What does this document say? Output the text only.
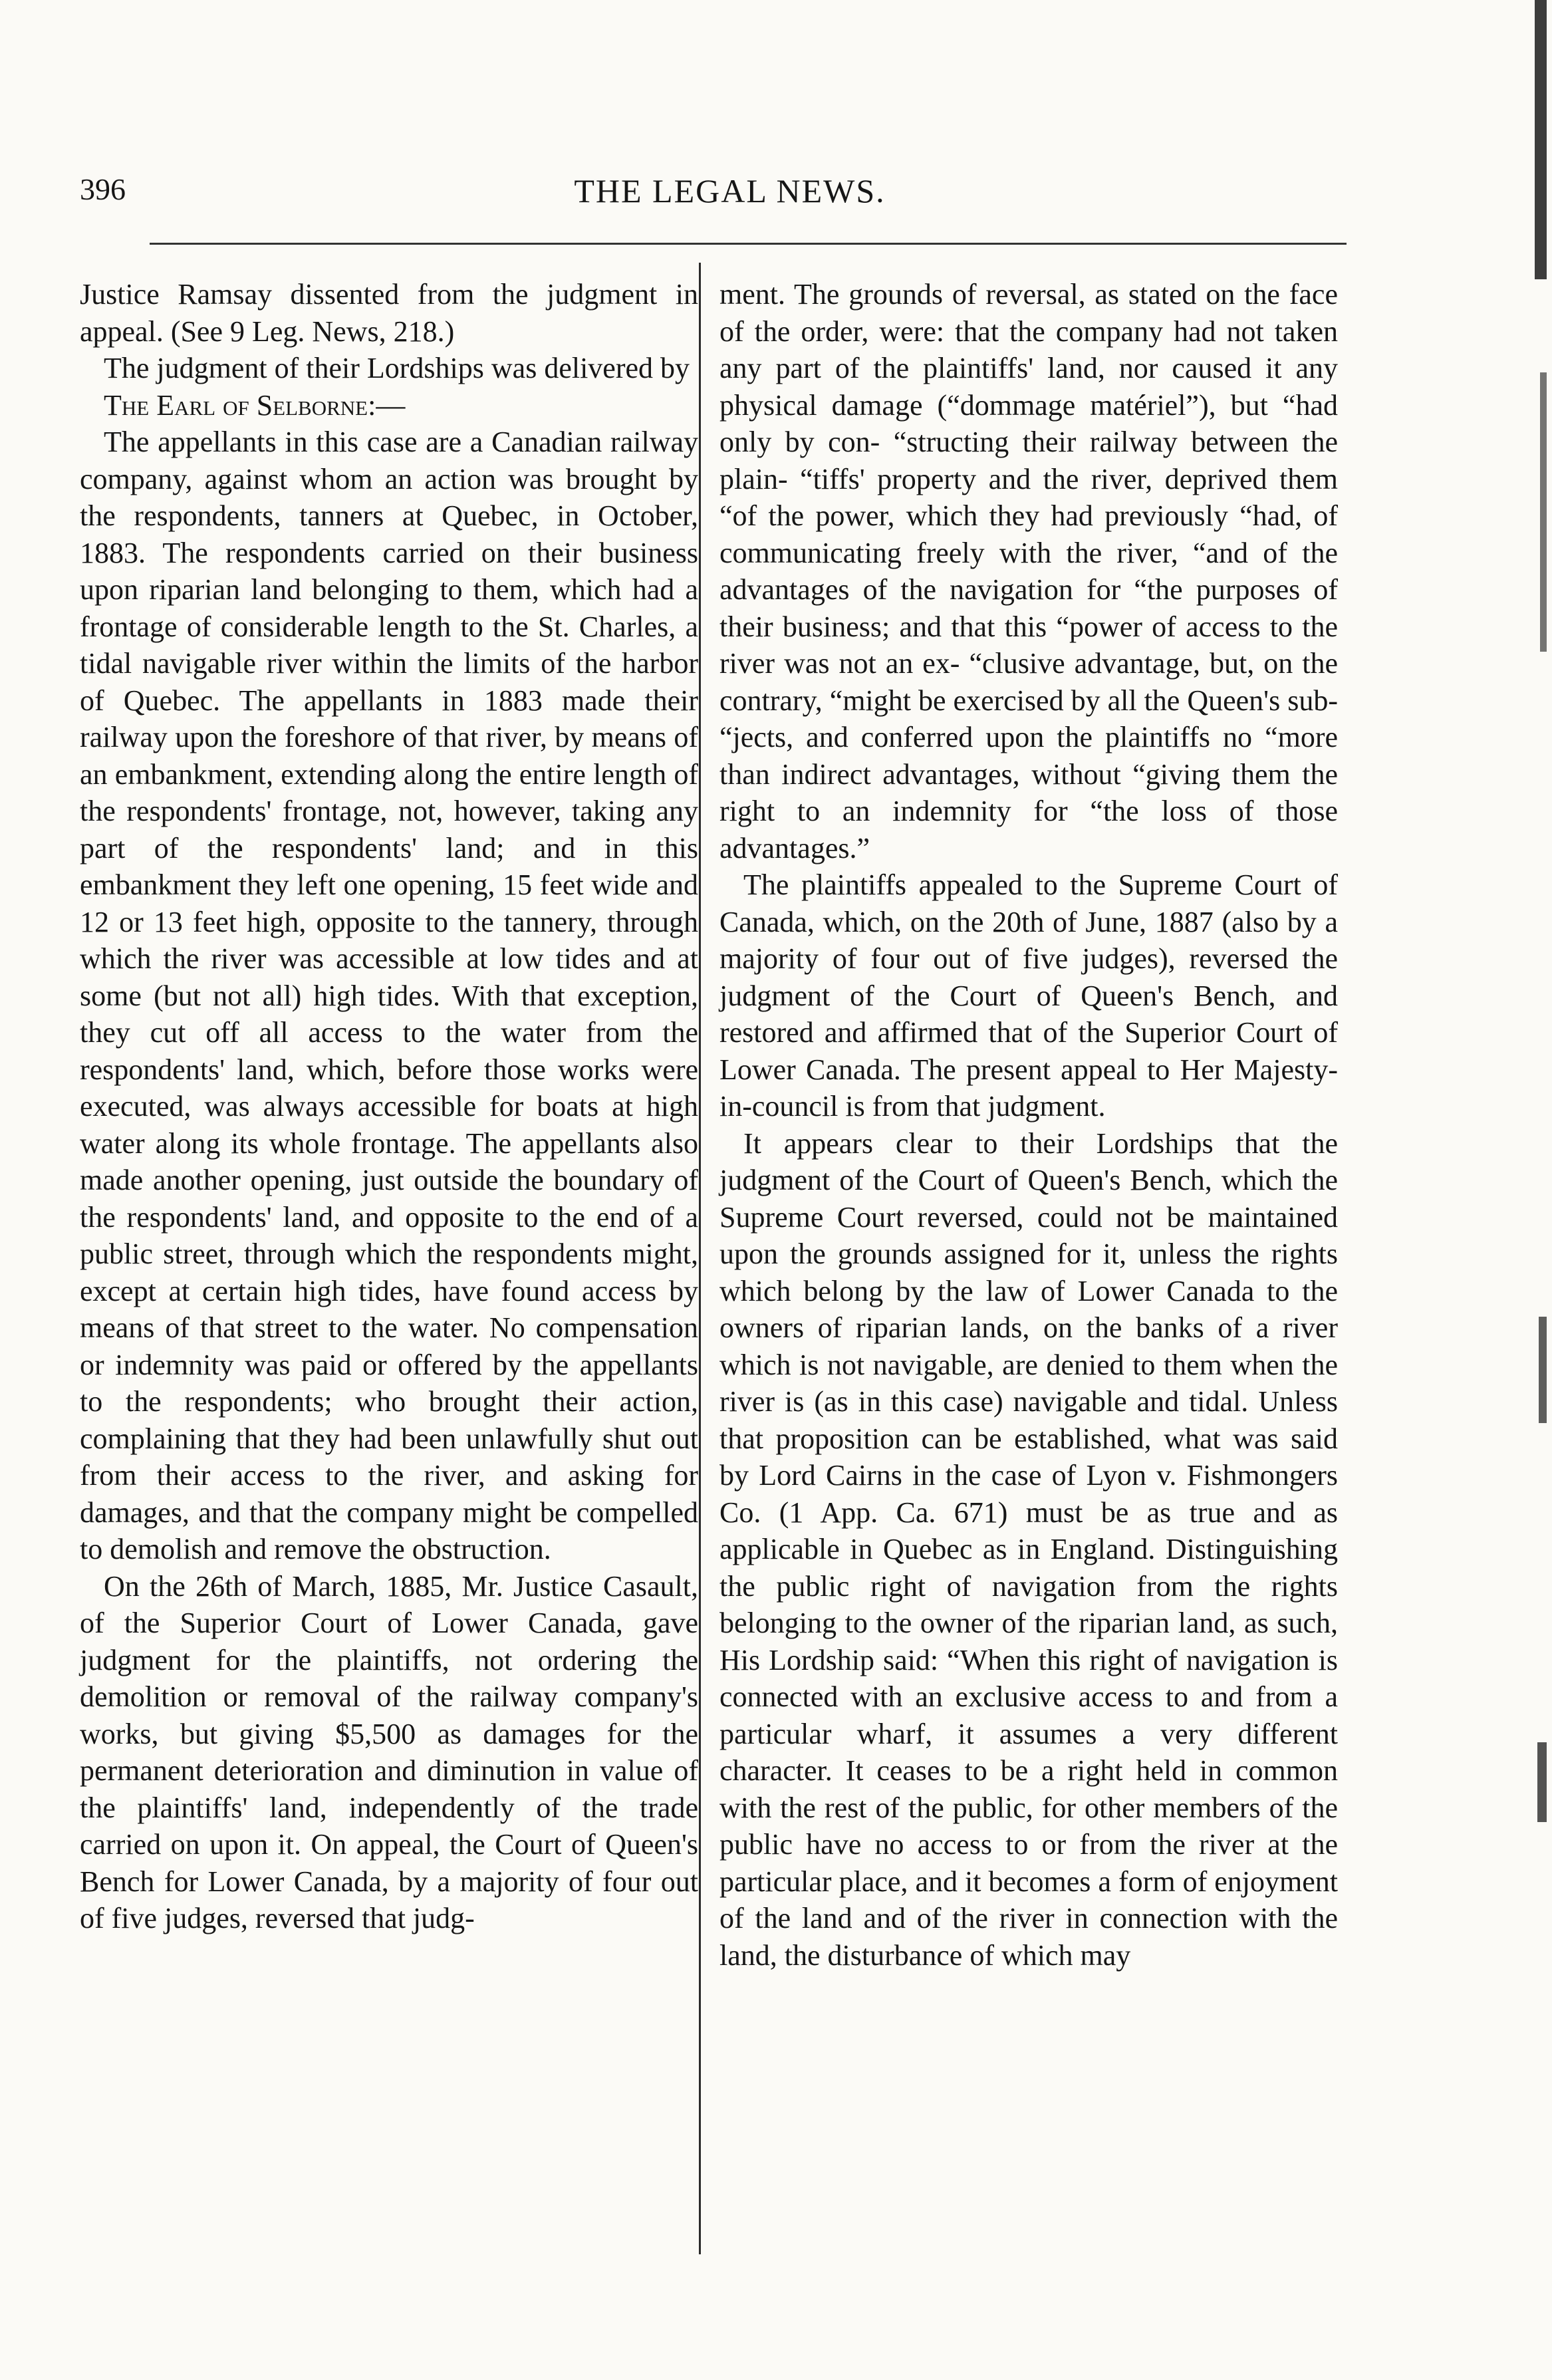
396	THE LEGAL NEWS.

Justice Ramsay dissented from the judgment in appeal. (See 9 Leg. News, 218.)

The judgment of their Lordships was delivered by

The Earl of Selborne:—

The appellants in this case are a Canadian railway company, against whom an action was brought by the respondents, tanners at Quebec, in October, 1883. The respondents carried on their business upon riparian land belonging to them, which had a frontage of considerable length to the St. Charles, a tidal navigable river within the limits of the harbor of Quebec. The appellants in 1883 made their railway upon the foreshore of that river, by means of an embankment, extending along the entire length of the respondents' frontage, not, however, taking any part of the respondents' land; and in this embankment they left one opening, 15 feet wide and 12 or 13 feet high, opposite to the tannery, through which the river was accessible at low tides and at some (but not all) high tides. With that exception, they cut off all access to the water from the respondents' land, which, before those works were executed, was always accessible for boats at high water along its whole frontage. The appellants also made another opening, just outside the boundary of the respondents' land, and opposite to the end of a public street, through which the respondents might, except at certain high tides, have found access by means of that street to the water. No compensation or indemnity was paid or offered by the appellants to the respondents; who brought their action, complaining that they had been unlawfully shut out from their access to the river, and asking for damages, and that the company might be compelled to demolish and remove the obstruction.

On the 26th of March, 1885, Mr. Justice Casault, of the Superior Court of Lower Canada, gave judgment for the plaintiffs, not ordering the demolition or removal of the railway company's works, but giving $5,500 as damages for the permanent deterioration and diminution in value of the plaintiffs' land, independently of the trade carried on upon it. On appeal, the Court of Queen's Bench for Lower Canada, by a majority of four out of five judges, reversed that judg-

ment. The grounds of reversal, as stated on the face of the order, were: that the company had not taken any part of the plaintiffs' land, nor caused it any physical damage (“dommage matériel”), but “had only by con- “structing their railway between the plain- “tiffs' property and the river, deprived them “of the power, which they had previously “had, of communicating freely with the river, “and of the advantages of the navigation for “the purposes of their business; and that this “power of access to the river was not an ex- “clusive advantage, but, on the contrary, “might be exercised by all the Queen's sub- “jects, and conferred upon the plaintiffs no “more than indirect advantages, without “giving them the right to an indemnity for “the loss of those advantages.”

The plaintiffs appealed to the Supreme Court of Canada, which, on the 20th of June, 1887 (also by a majority of four out of five judges), reversed the judgment of the Court of Queen's Bench, and restored and affirmed that of the Superior Court of Lower Canada. The present appeal to Her Majesty-in-council is from that judgment.

It appears clear to their Lordships that the judgment of the Court of Queen's Bench, which the Supreme Court reversed, could not be maintained upon the grounds assigned for it, unless the rights which belong by the law of Lower Canada to the owners of riparian lands, on the banks of a river which is not navigable, are denied to them when the river is (as in this case) navigable and tidal. Unless that proposition can be established, what was said by Lord Cairns in the case of Lyon v. Fishmongers Co. (1 App. Ca. 671) must be as true and as applicable in Quebec as in England. Distinguishing the public right of navigation from the rights belonging to the owner of the riparian land, as such, His Lordship said: “When this right of navigation is connected with an exclusive access to and from a particular wharf, it assumes a very different character. It ceases to be a right held in common with the rest of the public, for other members of the public have no access to or from the river at the particular place, and it becomes a form of enjoyment of the land and of the river in connection with the land, the disturbance of which may
